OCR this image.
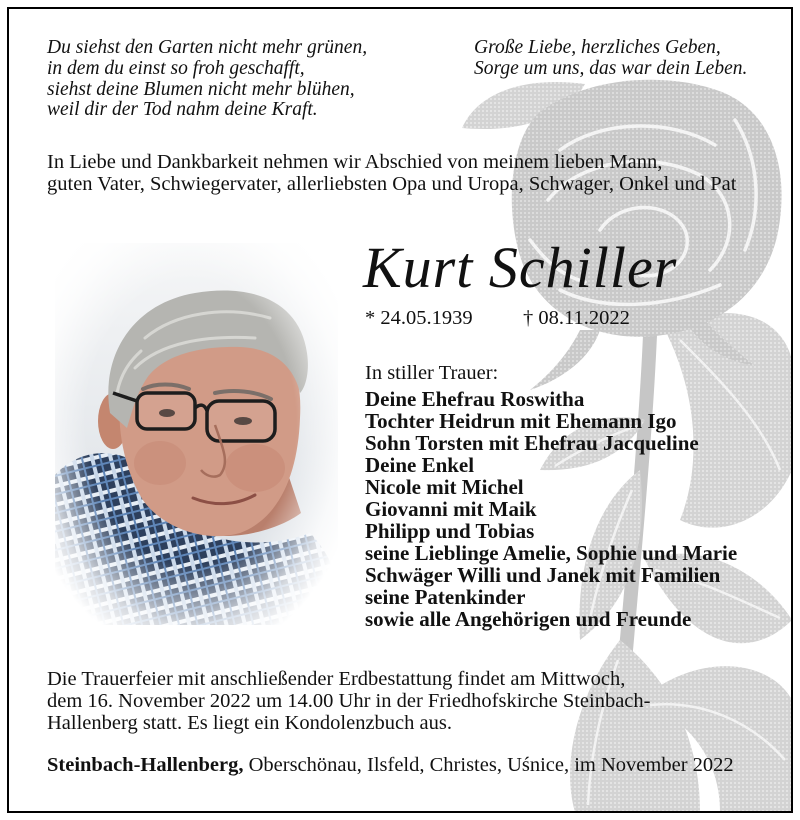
Du siehst den Garten nicht mehr grünen,
in dem du einst so froh geschafft,
siehst deine Blumen nicht mehr blühen,
weil dir der Tod nahm deine Kraft.
Große Liebe, herzliches Geben,
Sorge um uns, das war dein Leben.
In Liebe und Dankbarkeit nehmen wir Abschied von meinem lieben Mann,
guten Vater, Schwiegervater, allerliebsten Opa und Uropa, Schwager, Onkel und Pat
Kurt Schiller
* 24.05.1939 † 08.11.2022
In stiller Trauer:
Deine Ehefrau Roswitha
Tochter Heidrun mit Ehemann Igo
Sohn Torsten mit Ehefrau Jacqueline
Deine Enkel
Nicole mit Michel
Giovanni mit Maik
Philipp und Tobias
seine Lieblinge Amelie, Sophie und Marie
Schwäger Willi und Janek mit Familien
seine Patenkinder
sowie alle Angehörigen und Freunde
Die Trauerfeier mit anschließender Erdbestattung findet am Mittwoch,
dem 16. November 2022 um 14.00 Uhr in der Friedhofskirche Steinbach-
Hallenberg statt. Es liegt ein Kondolenzbuch aus.
Steinbach-Hallenberg, Oberschönau, Ilsfeld, Christes, Uśnice, im November 2022
